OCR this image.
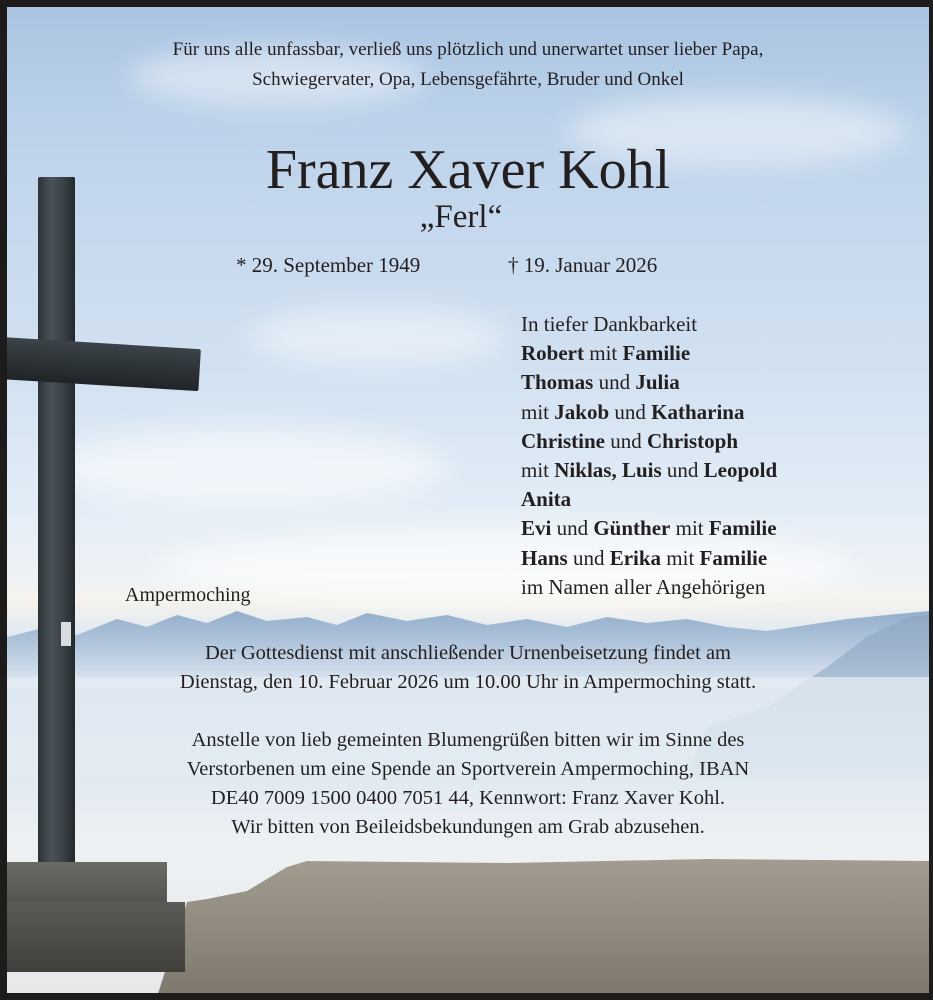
Für uns alle unfassbar, verließ uns plötzlich und unerwartet unser lieber Papa,
Schwiegervater, Opa, Lebensgefährte, Bruder und Onkel
Franz Xaver Kohl
„Ferl“
* 29. September 1949	† 19. Januar 2026
In tiefer Dankbarkeit
Robert mit Familie
Thomas und Julia
mit Jakob und Katharina
Christine und Christoph
mit Niklas, Luis und Leopold
Anita
Evi und Günther mit Familie
Hans und Erika mit Familie
im Namen aller Angehörigen
Ampermoching
Der Gottesdienst mit anschließender Urnenbeisetzung findet am
Dienstag, den 10. Februar 2026 um 10.00 Uhr in Ampermoching statt.
Anstelle von lieb gemeinten Blumengrüßen bitten wir im Sinne des
Verstorbenen um eine Spende an Sportverein Ampermoching, IBAN
DE40 7009 1500 0400 7051 44, Kennwort: Franz Xaver Kohl.
Wir bitten von Beileidsbekundungen am Grab abzusehen.
